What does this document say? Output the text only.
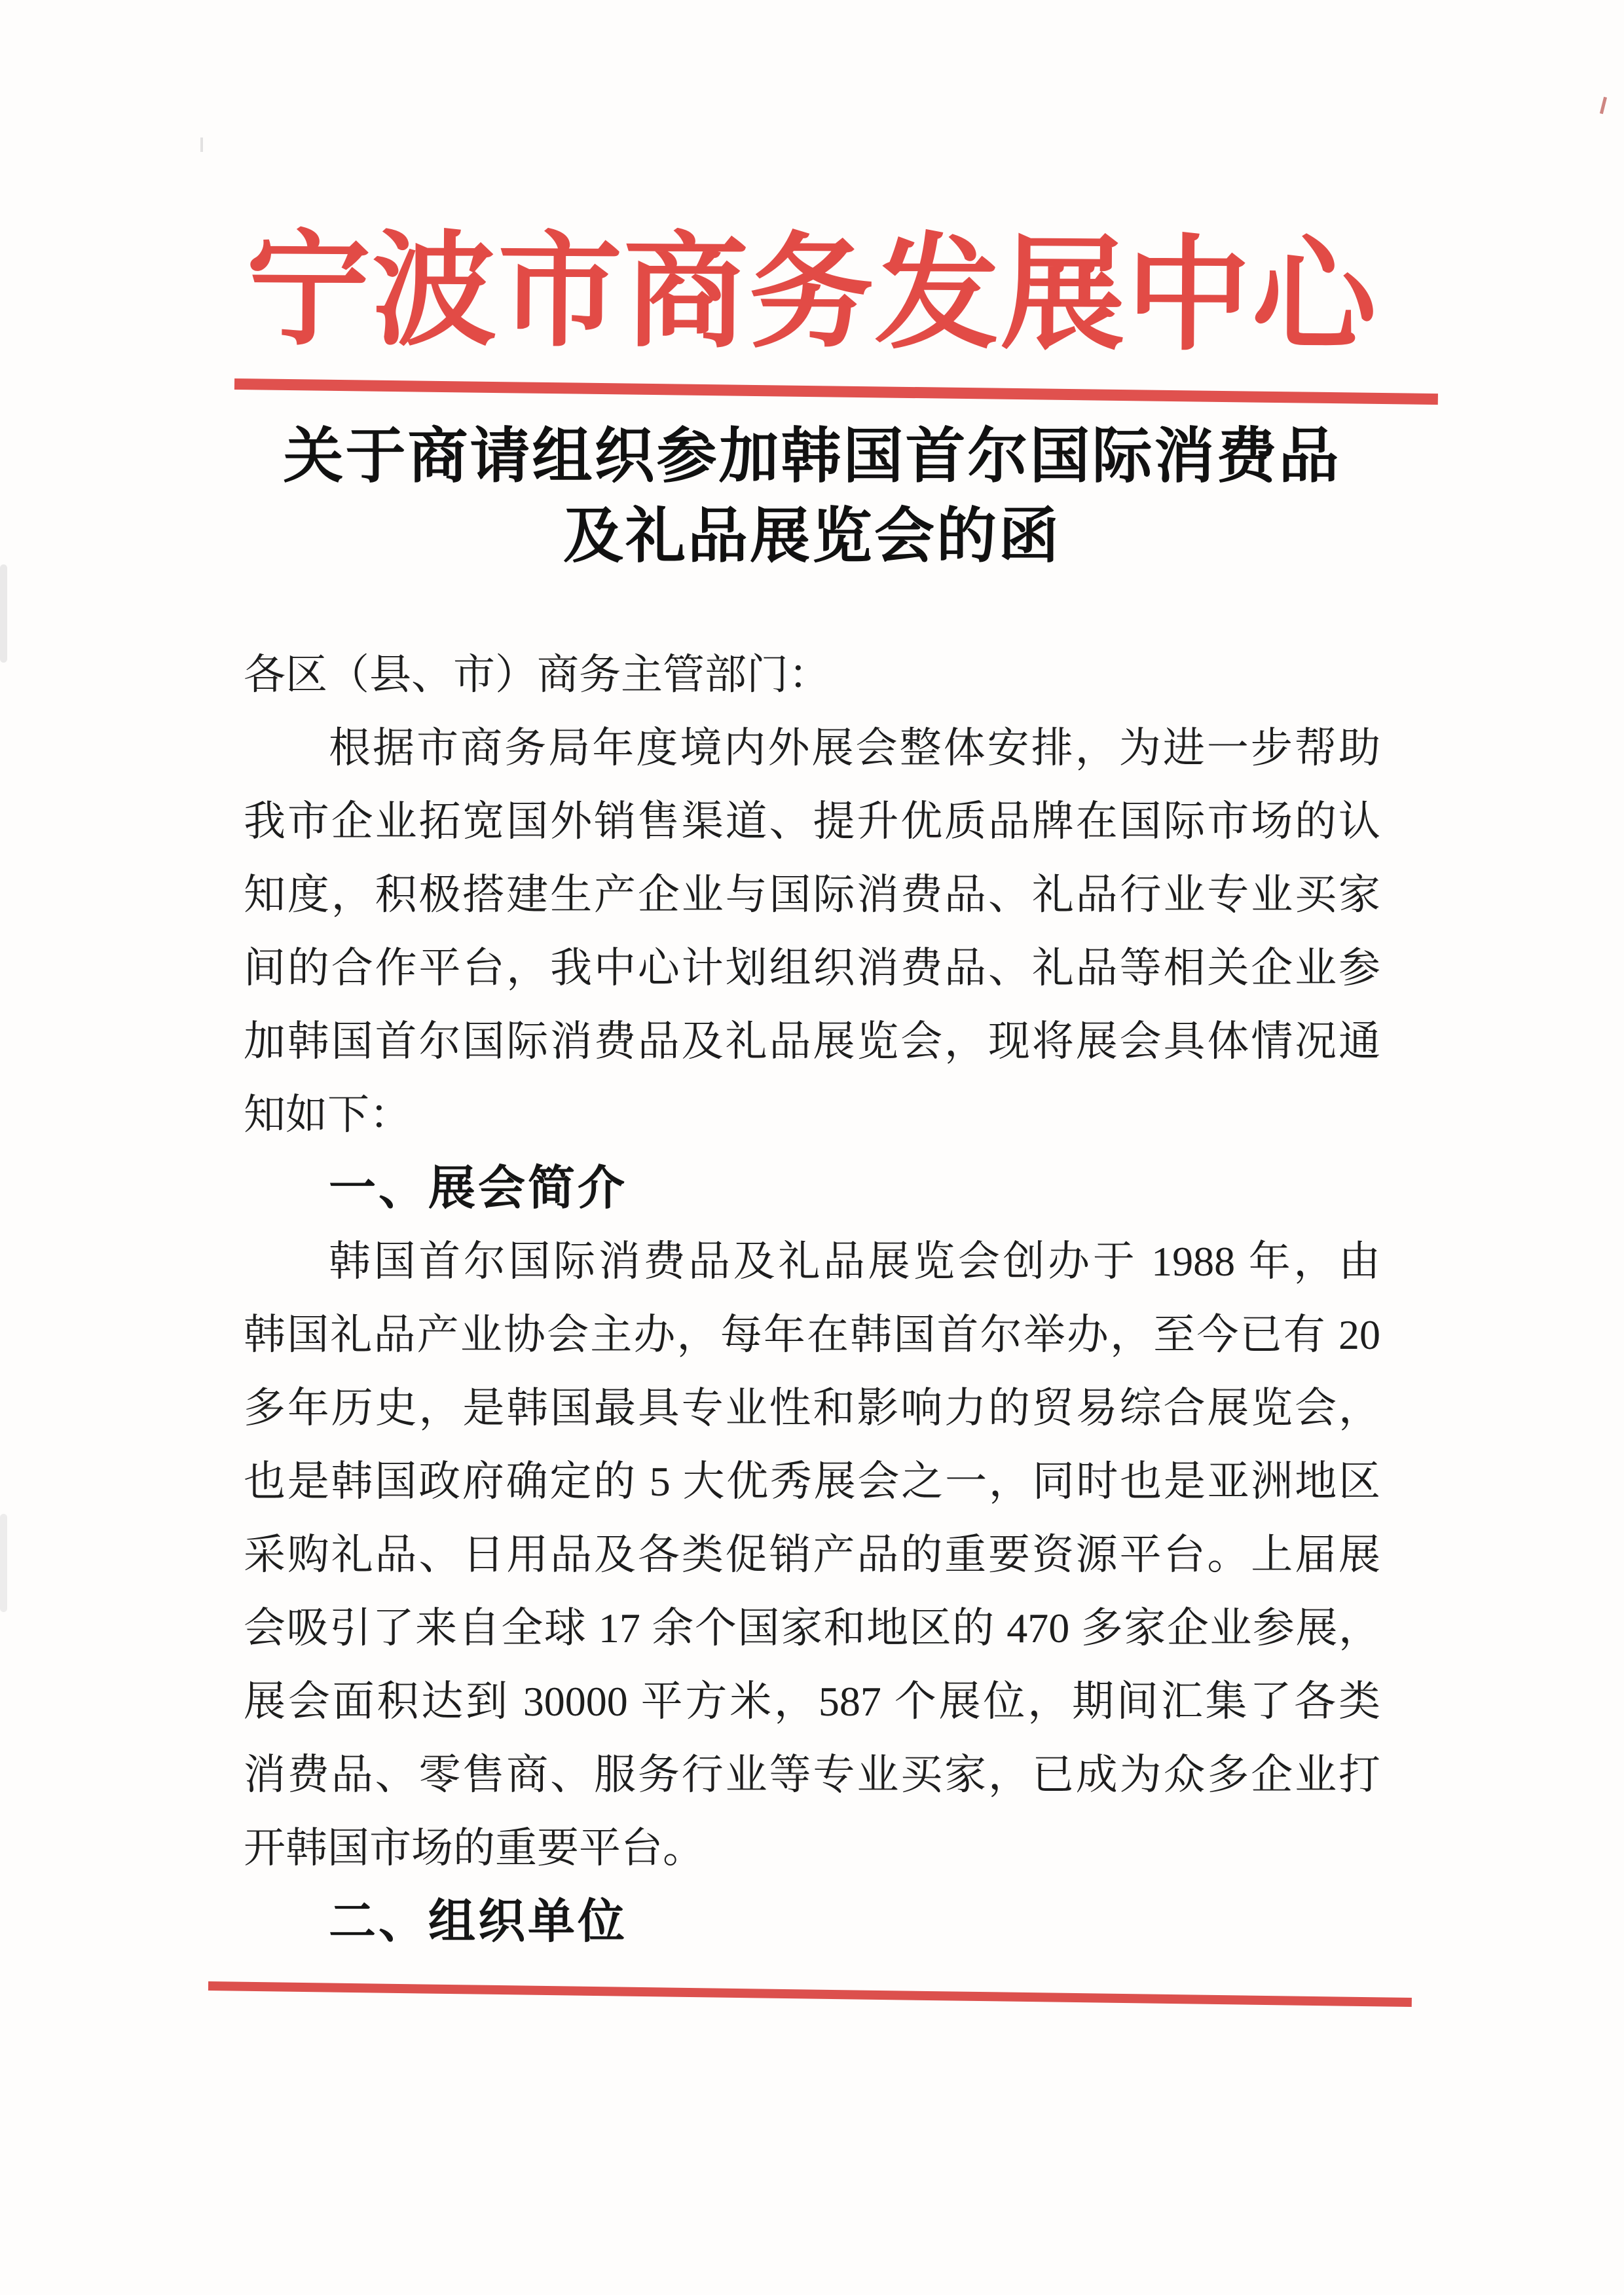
宁波市商务发展中心
关于商请组织参加韩国首尔国际消费品
及礼品展览会的函
各区（县、市）商务主管部门：
根据市商务局年度境内外展会整体安排，为进一步帮助
我市企业拓宽国外销售渠道、提升优质品牌在国际市场的认
知度，积极搭建生产企业与国际消费品、礼品行业专业买家
间的合作平台，我中心计划组织消费品、礼品等相关企业参
加韩国首尔国际消费品及礼品展览会，现将展会具体情况通
知如下：
一、展会简介
韩国首尔国际消费品及礼品展览会创办于 1988 年，由
韩国礼品产业协会主办，每年在韩国首尔举办，至今已有 20
多年历史，是韩国最具专业性和影响力的贸易综合展览会，
也是韩国政府确定的 5 大优秀展会之一，同时也是亚洲地区
采购礼品、日用品及各类促销产品的重要资源平台。上届展
会吸引了来自全球 17 余个国家和地区的 470 多家企业参展，
展会面积达到 30000 平方米，587 个展位，期间汇集了各类
消费品、零售商、服务行业等专业买家，已成为众多企业打
开韩国市场的重要平台。
二、组织单位
